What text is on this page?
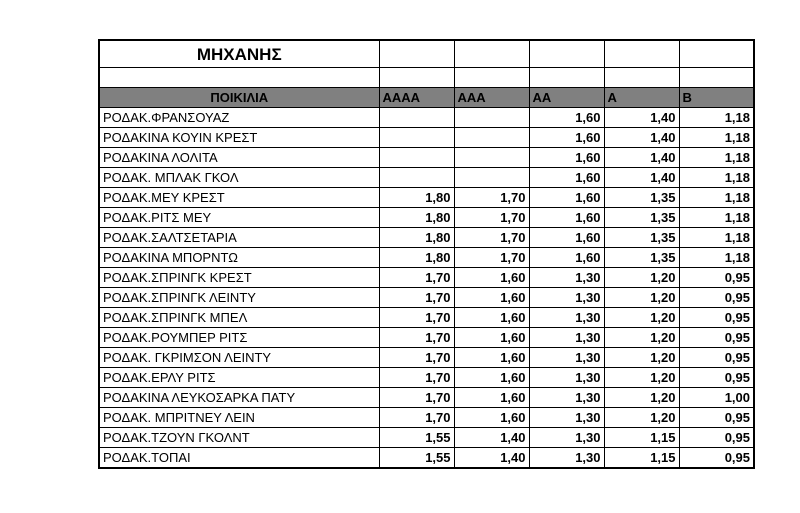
ΜΗΧΑΝΗΣ					

ΠΟΙΚΙΛΙΑ	ΑΑΑΑ	ΑΑΑ	ΑΑ	Α	Β
ΡΟΔΑΚ.ΦΡΑΝΣΟΥΑΖ			1,60	1,40	1,18
ΡΟΔΑΚΙΝΑ ΚΟΥΙΝ ΚΡΕΣΤ			1,60	1,40	1,18
ΡΟΔΑΚΙΝΑ ΛΟΛΙΤΑ			1,60	1,40	1,18
ΡΟΔΑΚ. ΜΠΛΑΚ ΓΚΟΛ			1,60	1,40	1,18
ΡΟΔΑΚ.ΜΕΥ ΚΡΕΣΤ	1,80	1,70	1,60	1,35	1,18
ΡΟΔΑΚ.ΡΙΤΣ ΜΕΥ	1,80	1,70	1,60	1,35	1,18
ΡΟΔΑΚ.ΣΑΛΤΣΕΤΑΡΙΑ	1,80	1,70	1,60	1,35	1,18
ΡΟΔΑΚΙΝΑ ΜΠΟΡΝΤΩ	1,80	1,70	1,60	1,35	1,18
ΡΟΔΑΚ.ΣΠΡΙΝΓΚ ΚΡΕΣΤ	1,70	1,60	1,30	1,20	0,95
ΡΟΔΑΚ.ΣΠΡΙΝΓΚ ΛΕΙΝΤΥ	1,70	1,60	1,30	1,20	0,95
ΡΟΔΑΚ.ΣΠΡΙΝΓΚ ΜΠΕΛ	1,70	1,60	1,30	1,20	0,95
ΡΟΔΑΚ.ΡΟΥΜΠΕΡ ΡΙΤΣ	1,70	1,60	1,30	1,20	0,95
ΡΟΔΑΚ. ΓΚΡΙΜΣΟΝ ΛΕΙΝΤΥ	1,70	1,60	1,30	1,20	0,95
ΡΟΔΑΚ.ΕΡΛΥ ΡΙΤΣ	1,70	1,60	1,30	1,20	0,95
ΡΟΔΑΚΙΝΑ ΛΕΥΚΟΣΑΡΚΑ ΠΑΤΥ	1,70	1,60	1,30	1,20	1,00
ΡΟΔΑΚ. ΜΠΡΙΤΝΕΥ ΛΕΙΝ	1,70	1,60	1,30	1,20	0,95
ΡΟΔΑΚ.ΤΖΟΥΝ ΓΚΟΛΝΤ	1,55	1,40	1,30	1,15	0,95
ΡΟΔΑΚ.ΤΟΠΑΙ	1,55	1,40	1,30	1,15	0,95
